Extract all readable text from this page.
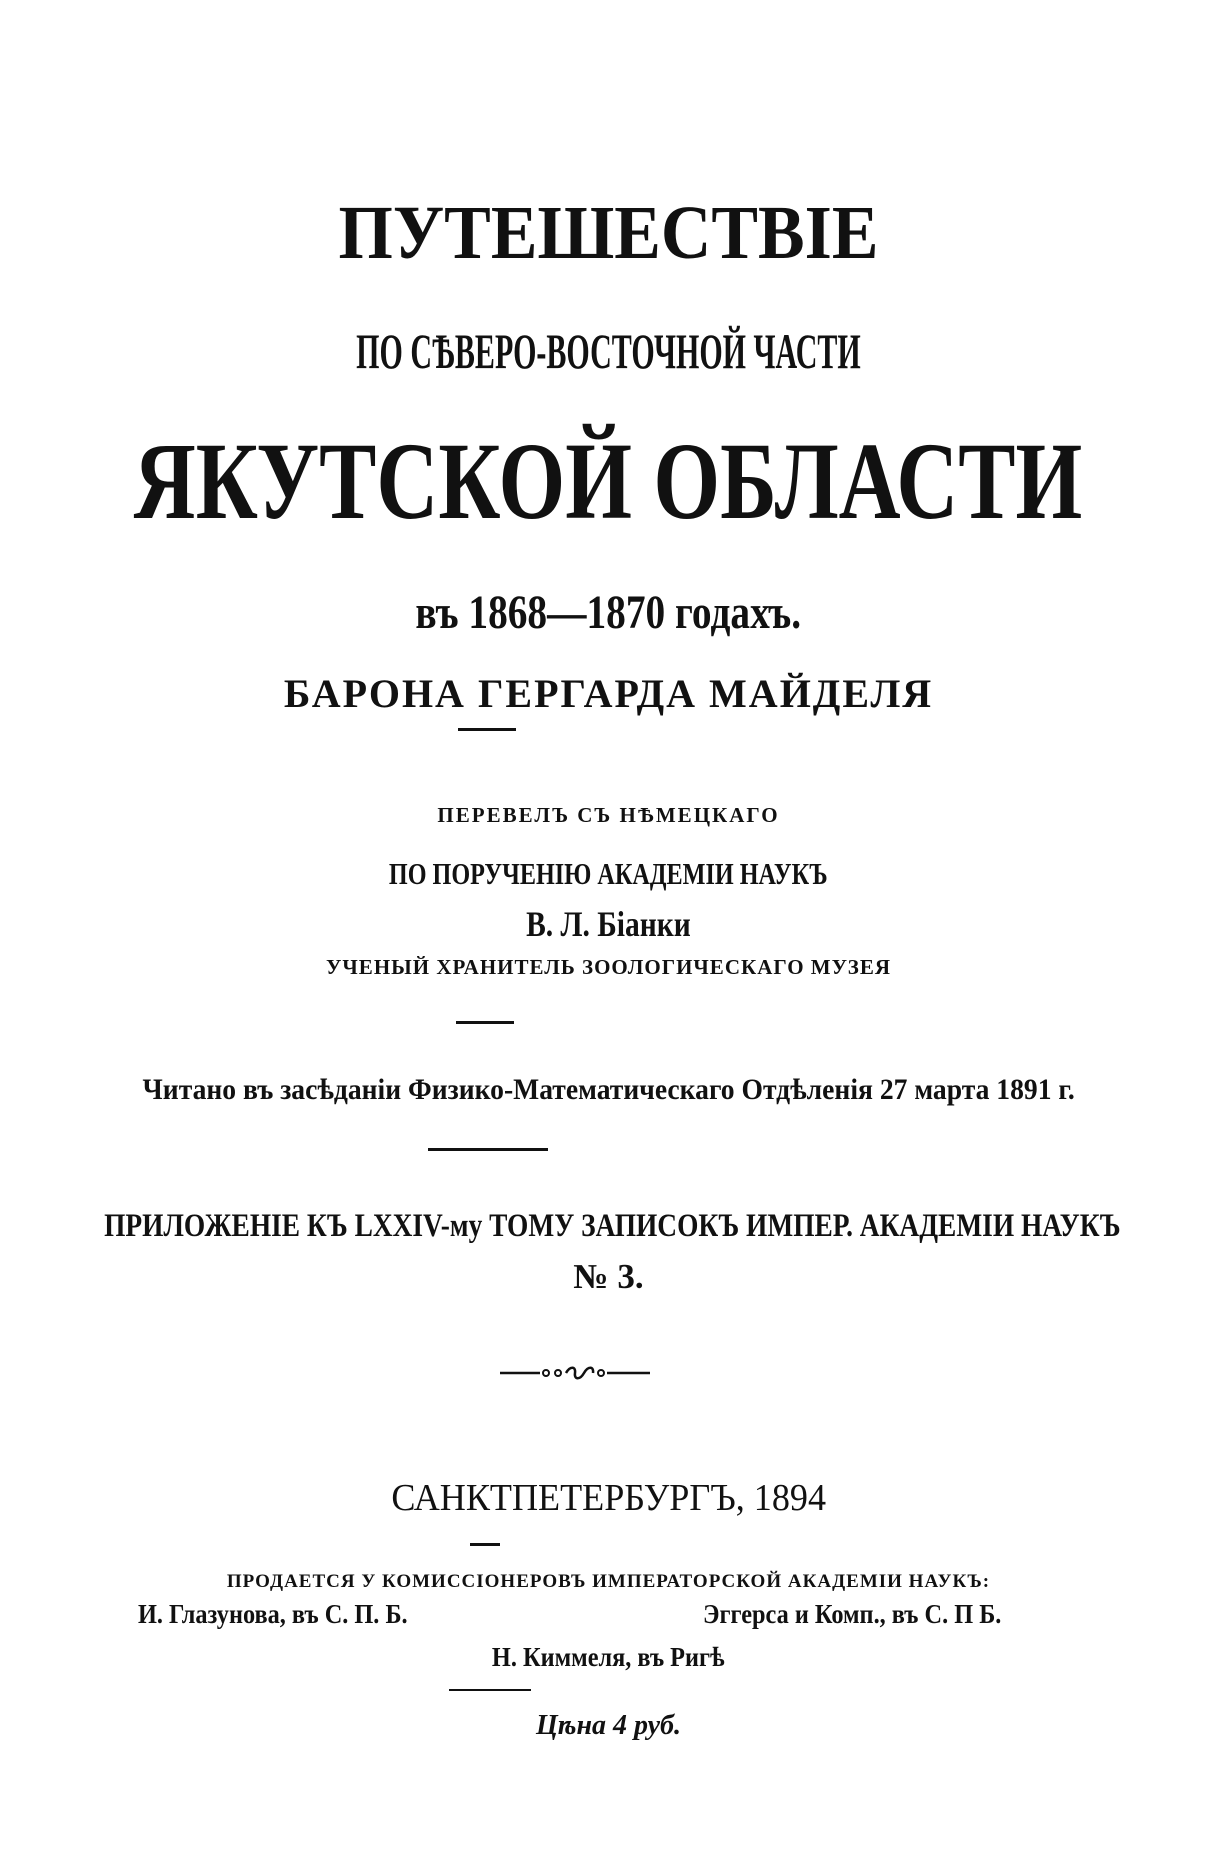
ПУТЕШЕСТВІЕ
ПО СѢВЕРО-ВОСТОЧНОЙ ЧАСТИ
ЯКУТСКОЙ ОБЛАСТИ
въ 1868—1870 годахъ.
БАРОНА ГЕРГАРДА МАЙДЕЛЯ
ПЕРЕВЕЛЪ СЪ НѢМЕЦКАГО
ПО ПОРУЧЕНІЮ АКАДЕМІИ НАУКЪ
В. Л. Біанки
УЧЕНЫЙ ХРАНИТЕЛЬ ЗООЛОГИЧЕСКАГО МУЗЕЯ
Читано въ засѣданіи Физико-Математическаго Отдѣленія 27 марта 1891 г.
ПРИЛОЖЕНІЕ КЪ LXXIV-му ТОМУ ЗАПИСОКЪ ИМПЕР. АКАДЕМІИ НАУКЪ
№ 3.
САНКТПЕТЕРБУРГЪ, 1894
ПРОДАЕТСЯ У КОМИССІОНЕРОВЪ ИМПЕРАТОРСКОЙ АКАДЕМІИ НАУКЪ:
И. Глазунова, въ С. П. Б.	Эггерса и Комп., въ С. П Б.
Н. Киммеля, въ Ригѣ
Цѣна 4 руб.
